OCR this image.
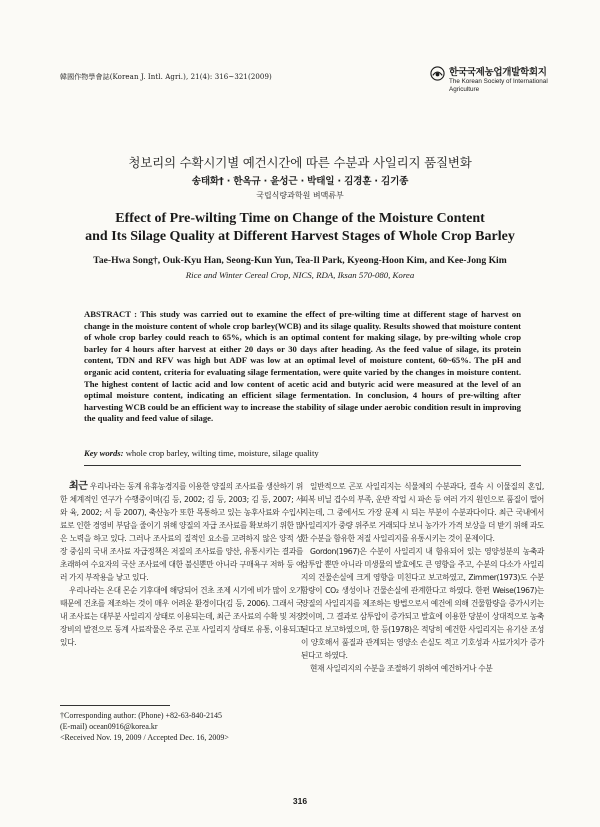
韓國作物學會誌(Korean J. Intl. Agri.), 21(4): 316~321(2009)	한국국제농업개발학회지
The Korean Society of International
Agriculture
청보리의 수확시기별 예건시간에 따른 수분과 사일리지 품질변화
송태화† · 한옥규 · 윤성근 · 박태일 · 김경훈 · 김기종
국립식량과학원 벼맥류부
Effect of Pre-wilting Time on Change of the Moisture Content
and Its Silage Quality at Different Harvest Stages of Whole Crop Barley
Tae-Hwa Song†, Ouk-Kyu Han, Seong-Kun Yun, Tea-Il Park, Kyeong-Hoon Kim, and Kee-Jong Kim
Rice and Winter Cereal Crop, NICS, RDA, Iksan 570-080, Korea
ABSTRACT : This study was carried out to examine the effect of pre-wilting time at different stage of harvest on change in the moisture content of whole crop barley(WCB) and its silage quality. Results showed that moisture content of whole crop barley could reach to 65%, which is an optimal content for making silage, by pre-wilting whole crop barley for 4 hours after harvest at either 20 days or 30 days after heading. As the feed value of silage, its protein content, TDN and RFV was high but ADF was low at an optimal level of moisture content, 60~65%. The pH and organic acid content, criteria for evaluating silage fermentation, were quite varied by the changes in moisture content. The highest content of lactic acid and low content of acetic acid and butyric acid were measured at the level of an optimal moisture content, indicating an efficient silage fermentation. In conclusion, 4 hours of pre-wilting after harvesting WCB could be an efficient way to increase the stability of silage under aerobic condition result in improving the quality and feed value of silage.
Key words: whole crop barley, wilting time, moisture, silage quality

최근 우리나라는 동계 유휴농경지를 이용한 양질의 조사료를 생산하기 위한 체계적인 연구가 수행중이며(김 등, 2002; 김 등, 2003; 김 등, 2007; 서와 육, 2002; 서 등 2007), 축산농가 또한 목통하고 있는 농후사료와 수입사료로 인한 경영비 부담을 줄이기 위해 양질의 자급 조사료를 확보하기 위한 많은 노력을 하고 있다. 그러나 조사료의 질적인 요소를 고려하지 않은 양적 성장 중심의 국내 조사료 자급정책은 저질의 조사료를 양산, 유통시키는 결과를 초래하여 수요자의 국산 조사료에 대한 불신뿐만 아니라 구매욕구 저하 등 여러 가지 부작용을 낳고 있다.

우리나라는 온대 몬순 기후대에 해당되어 건초 조제 시기에 비가 많이 오기 때문에 건초를 제조하는 것이 매우 어려운 환경이다(김 등, 2006). 그래서 국내 조사료는 대부분 사일리지 상태로 이용되는데, 최근 조사료의 수확 및 저장 장비의 발전으로 동계 사료작물은 주로 곤포 사일리지 상태로 유통, 이용되고 있다.

일반적으로 곤포 사일리지는 식물체의 수분과다, 결속 시 이물질의 혼입, 피복 비닐 겹수의 부족, 운반 작업 시 파손 등 여러 가지 원인으로 품질이 떨어지는데, 그 중에서도 가장 문제 시 되는 부분이 수분과다이다. 최근 국내에서 사일리지가 중량 위주로 거래되다 보니 농가가 가격 보상을 더 받기 위해 과도한 수분을 함유한 저질 사일리지를 유통시키는 것이 문제이다.

Gordon(1967)은 수분이 사일리지 내 함유되어 있는 영양성분의 농축과 삼투압 뿐만 아니라 미생물의 발효에도 큰 영향을 주고, 수분의 다소가 사일리지의 건물손실에 크게 영향을 미친다고 보고하였고, Zimmer(1973)도 수분함량이 CO₂ 생성이나 건물손실에 관계한다고 하였다. 한편 Weise(1967)는 양질의 사일리지를 제조하는 방법으로서 예건에 의해 건물함량을 증가시키는 것이며, 그 결과로 삼투압이 증가되고 발효에 이용한 당분이 상대적으로 농축된다고 보고하였으며, 한 등(1978)은 적당히 예건한 사일리지는 유기산 조성이 양호해서 품질과 관계되는 영양소 손실도 적고 기호성과 사료가치가 증가된다고 하였다.

현재 사일리지의 수분을 조절하기 위하여 예건하거나 수분

†Corresponding author: (Phone) +82-63-840-2145
(E-mail) ocean0916@korea.kr
<Received Nov. 19, 2009 / Accepted Dec. 16, 2009>
316
